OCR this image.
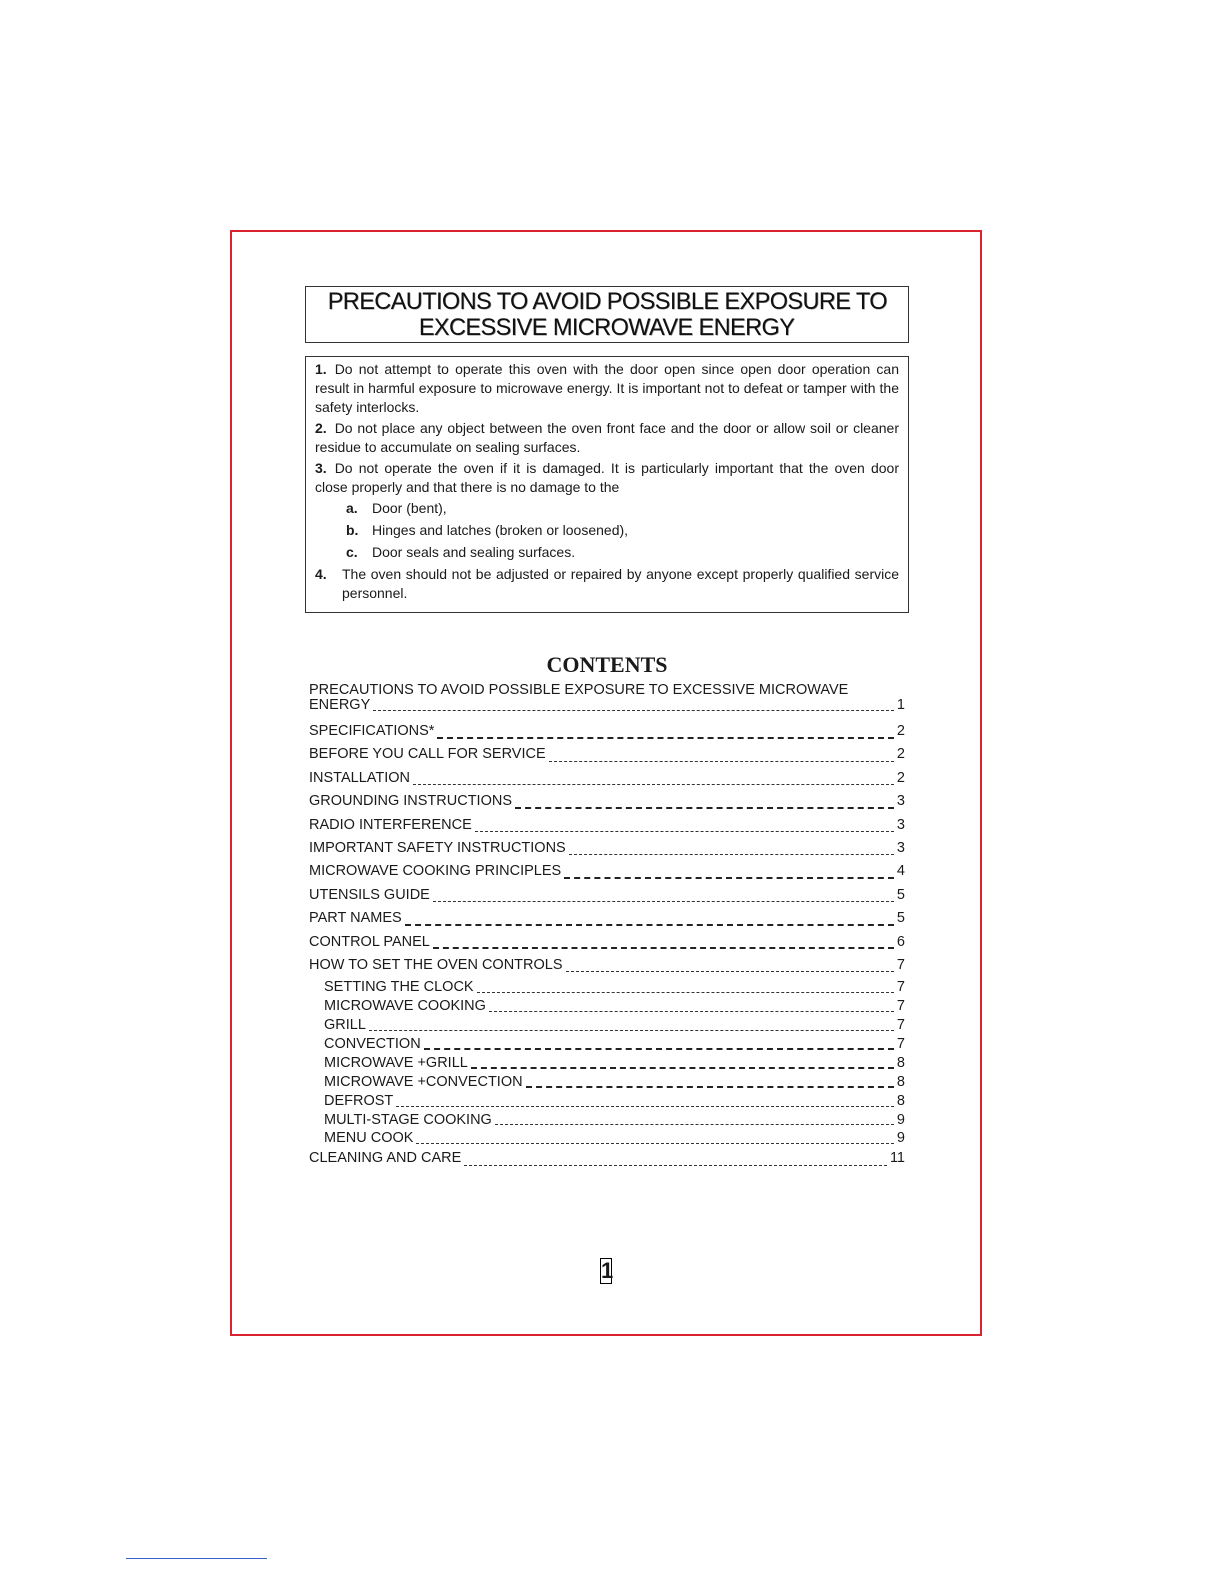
PRECAUTIONS TO AVOID POSSIBLE EXPOSURE TO
EXCESSIVE MICROWAVE ENERGY

1. Do not attempt to operate this oven with the door open since open door operation can result in harmful exposure to microwave energy. It is important not to defeat or tamper with the safety interlocks.

2. Do not place any object between the oven front face and the door or allow soil or cleaner residue to accumulate on sealing surfaces.

3. Do not operate the oven if it is damaged. It is particularly important that the oven door close properly and that there is no damage to the

a. Door (bent),
b. Hinges and latches (broken or loosened),
c. Door seals and sealing surfaces.
4.	The oven should not be adjusted or repaired by anyone except properly qualified service personnel.
CONTENTS
PRECAUTIONS TO AVOID POSSIBLE EXPOSURE TO EXCESSIVE MICROWAVE
ENERGY	1
SPECIFICATIONS*	2
BEFORE YOU CALL FOR SERVICE	2
INSTALLATION	2
GROUNDING INSTRUCTIONS	3
RADIO INTERFERENCE	3
IMPORTANT SAFETY INSTRUCTIONS	3
MICROWAVE COOKING PRINCIPLES	4
UTENSILS GUIDE	5
PART NAMES	5
CONTROL PANEL	6
HOW TO SET THE OVEN CONTROLS	7
SETTING THE CLOCK	7
MICROWAVE COOKING	7
GRILL	7
CONVECTION	7
MICROWAVE +GRILL	8
MICROWAVE +CONVECTION	8
DEFROST	8
MULTI-STAGE COOKING	9
MENU COOK	9
CLEANING AND CARE	11
1
